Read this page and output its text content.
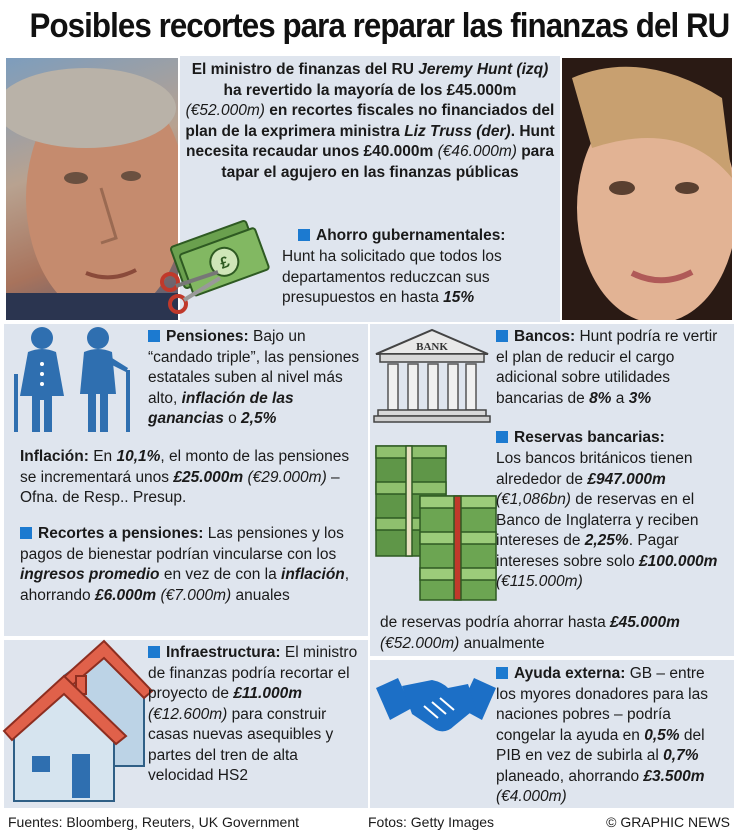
Posibles recortes para reparar las finanzas del RU
El ministro de finanzas del RU Jeremy Hunt (izq) ha revertido la mayoría de los £45.000m (€52.000m) en recortes fiscales no financiados del plan de la exprimera ministra Liz Truss (der). Hunt necesita recaudar unos £40.000m (€46.000m) para tapar el agujero en las finanzas públicas
£
Ahorro gubernamentales:
Hunt ha solicitado que todos los departamentos reduczcan sus presupuestos en hasta 15%
Pensiones: Bajo un “candado triple”, las pensiones estatales suben al nivel más alto, inflación de las ganancias o 2,5%
Inflación: En 10,1%, el monto de las pensiones se incrementará unos £25.000m (€29.000m) – Ofna. de Resp.. Presup.
Recortes a pensiones: Las pensiones y los pagos de bienestar podrían vincularse con los ingresos promedio en vez de con la inflación, ahorrando £6.000m (€7.000m) anuales
Infraestructura: El ministro de finanzas podría recortar el proyecto de £11.000m (€12.600m) para construir casas nuevas asequibles y partes del tren de alta velocidad HS2
BANK
Bancos: Hunt podría re vertir el plan de reducir el cargo adicional sobre utilidades bancarias de 8% a 3%
Reservas bancarias:
Los bancos británicos tienen alrededor de £947.000m (€1,086bn) de reservas en el Banco de Inglaterra y reciben intereses de 2,25%. Pagar intereses sobre solo £100.000m (€115.000m)
de reservas podría ahorrar hasta £45.000m (€52.000m) anualmente
Ayuda externa: GB – entre los myores donadores para las naciones pobres – podría congelar la ayuda en 0,5% del PIB en vez de subirla al 0,7% planeado, ahorrando £3.500m (€4.000m)
Fuentes: Bloomberg, Reuters, UK Government	Fotos: Getty Images	© GRAPHIC NEWS
